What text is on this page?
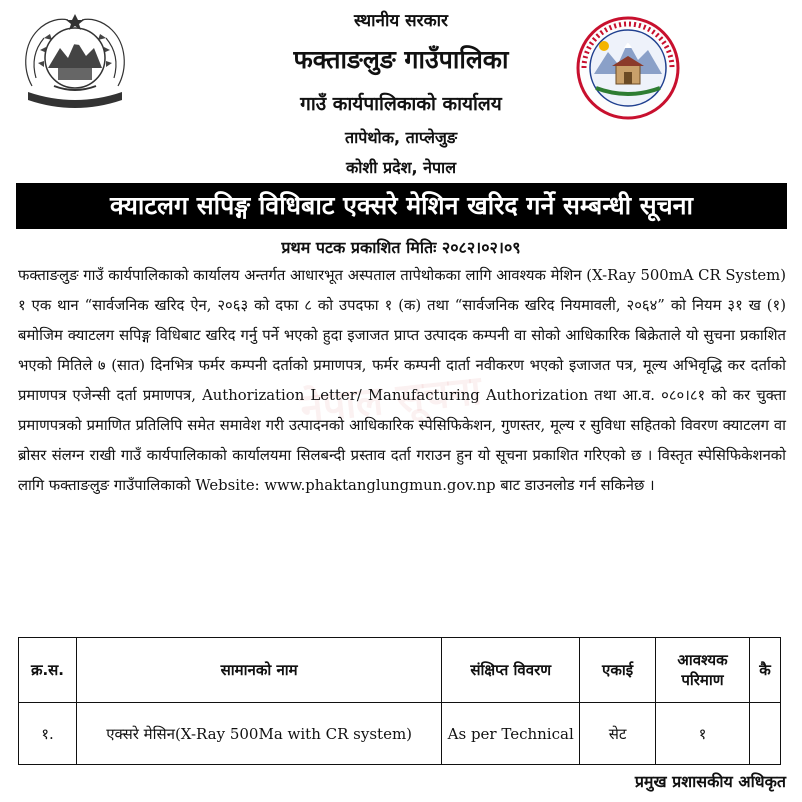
स्थानीय सरकार
फक्ताङलुङ गाउँपालिका
गाउँ कार्यपालिकाको कार्यालय
तापेथोक, ताप्लेजुङ
कोशी प्रदेश, नेपाल
क्याटलग सपिङ्ग विधिबाट एक्सरे मेशिन खरिद गर्ने सम्बन्धी सूचना
प्रथम पटक प्रकाशित मितिः २०८२।०२।०९
नेपाल सूचना
फक्ताङलुङ गाउँ कार्यपालिकाको कार्यालय अन्तर्गत आधारभूत अस्पताल तापेथोकका लागि आवश्यक मेशिन (X-Ray 500mA CR System) १ एक थान “सार्वजनिक खरिद ऐन, २०६३ को दफा ८ को उपदफा १ (क) तथा “सार्वजनिक खरिद नियमावली, २०६४” को नियम ३१ ख (१) बमोजिम क्याटलग सपिङ्ग विधिबाट खरिद गर्नु पर्ने भएको हुदा इजाजत प्राप्त उत्पादक कम्पनी वा सोको आधिकारिक बिक्रेताले यो सुचना प्रकाशित भएको मितिले ७ (सात) दिनभित्र फर्मर कम्पनी दर्ताको प्रमाणपत्र, फर्मर कम्पनी दार्ता नवीकरण भएको इजाजत पत्र, मूल्य अभिवृद्धि कर दर्ताको प्रमाणपत्र एजेन्सी दर्ता प्रमाणपत्र, Authorization Letter/ Manufacturing Authorization तथा आ.व. ०८०।८१ को कर चुक्ता प्रमाणपत्रको प्रमाणित प्रतिलिपि समेत समावेश गरी उत्पादनको आधिकारिक स्पेसिफिकेशन, गुणस्तर, मूल्य र सुविधा सहितको विवरण क्याटलग वा ब्रोसर संलग्न राखी गाउँ कार्यपालिकाको कार्यालयमा सिलबन्दी प्रस्ताव दर्ता गराउन हुन यो सूचना प्रकाशित गरिएको छ । विस्तृत स्पेसिफिकेशनको लागि फक्ताङलुङ गाउँपालिकाको Website: www.phaktanglungmun.gov.np बाट डाउनलोड गर्न सकिनेछ ।
क्र.स.	सामानको नाम	संक्षिप्त विवरण	एकाई	आवश्यक परिमाण	कै
१.	एक्सरे मेसिन(X-Ray 500Ma with CR system)	As per Technical	सेट	१	
प्रमुख प्रशासकीय अधिकृत
